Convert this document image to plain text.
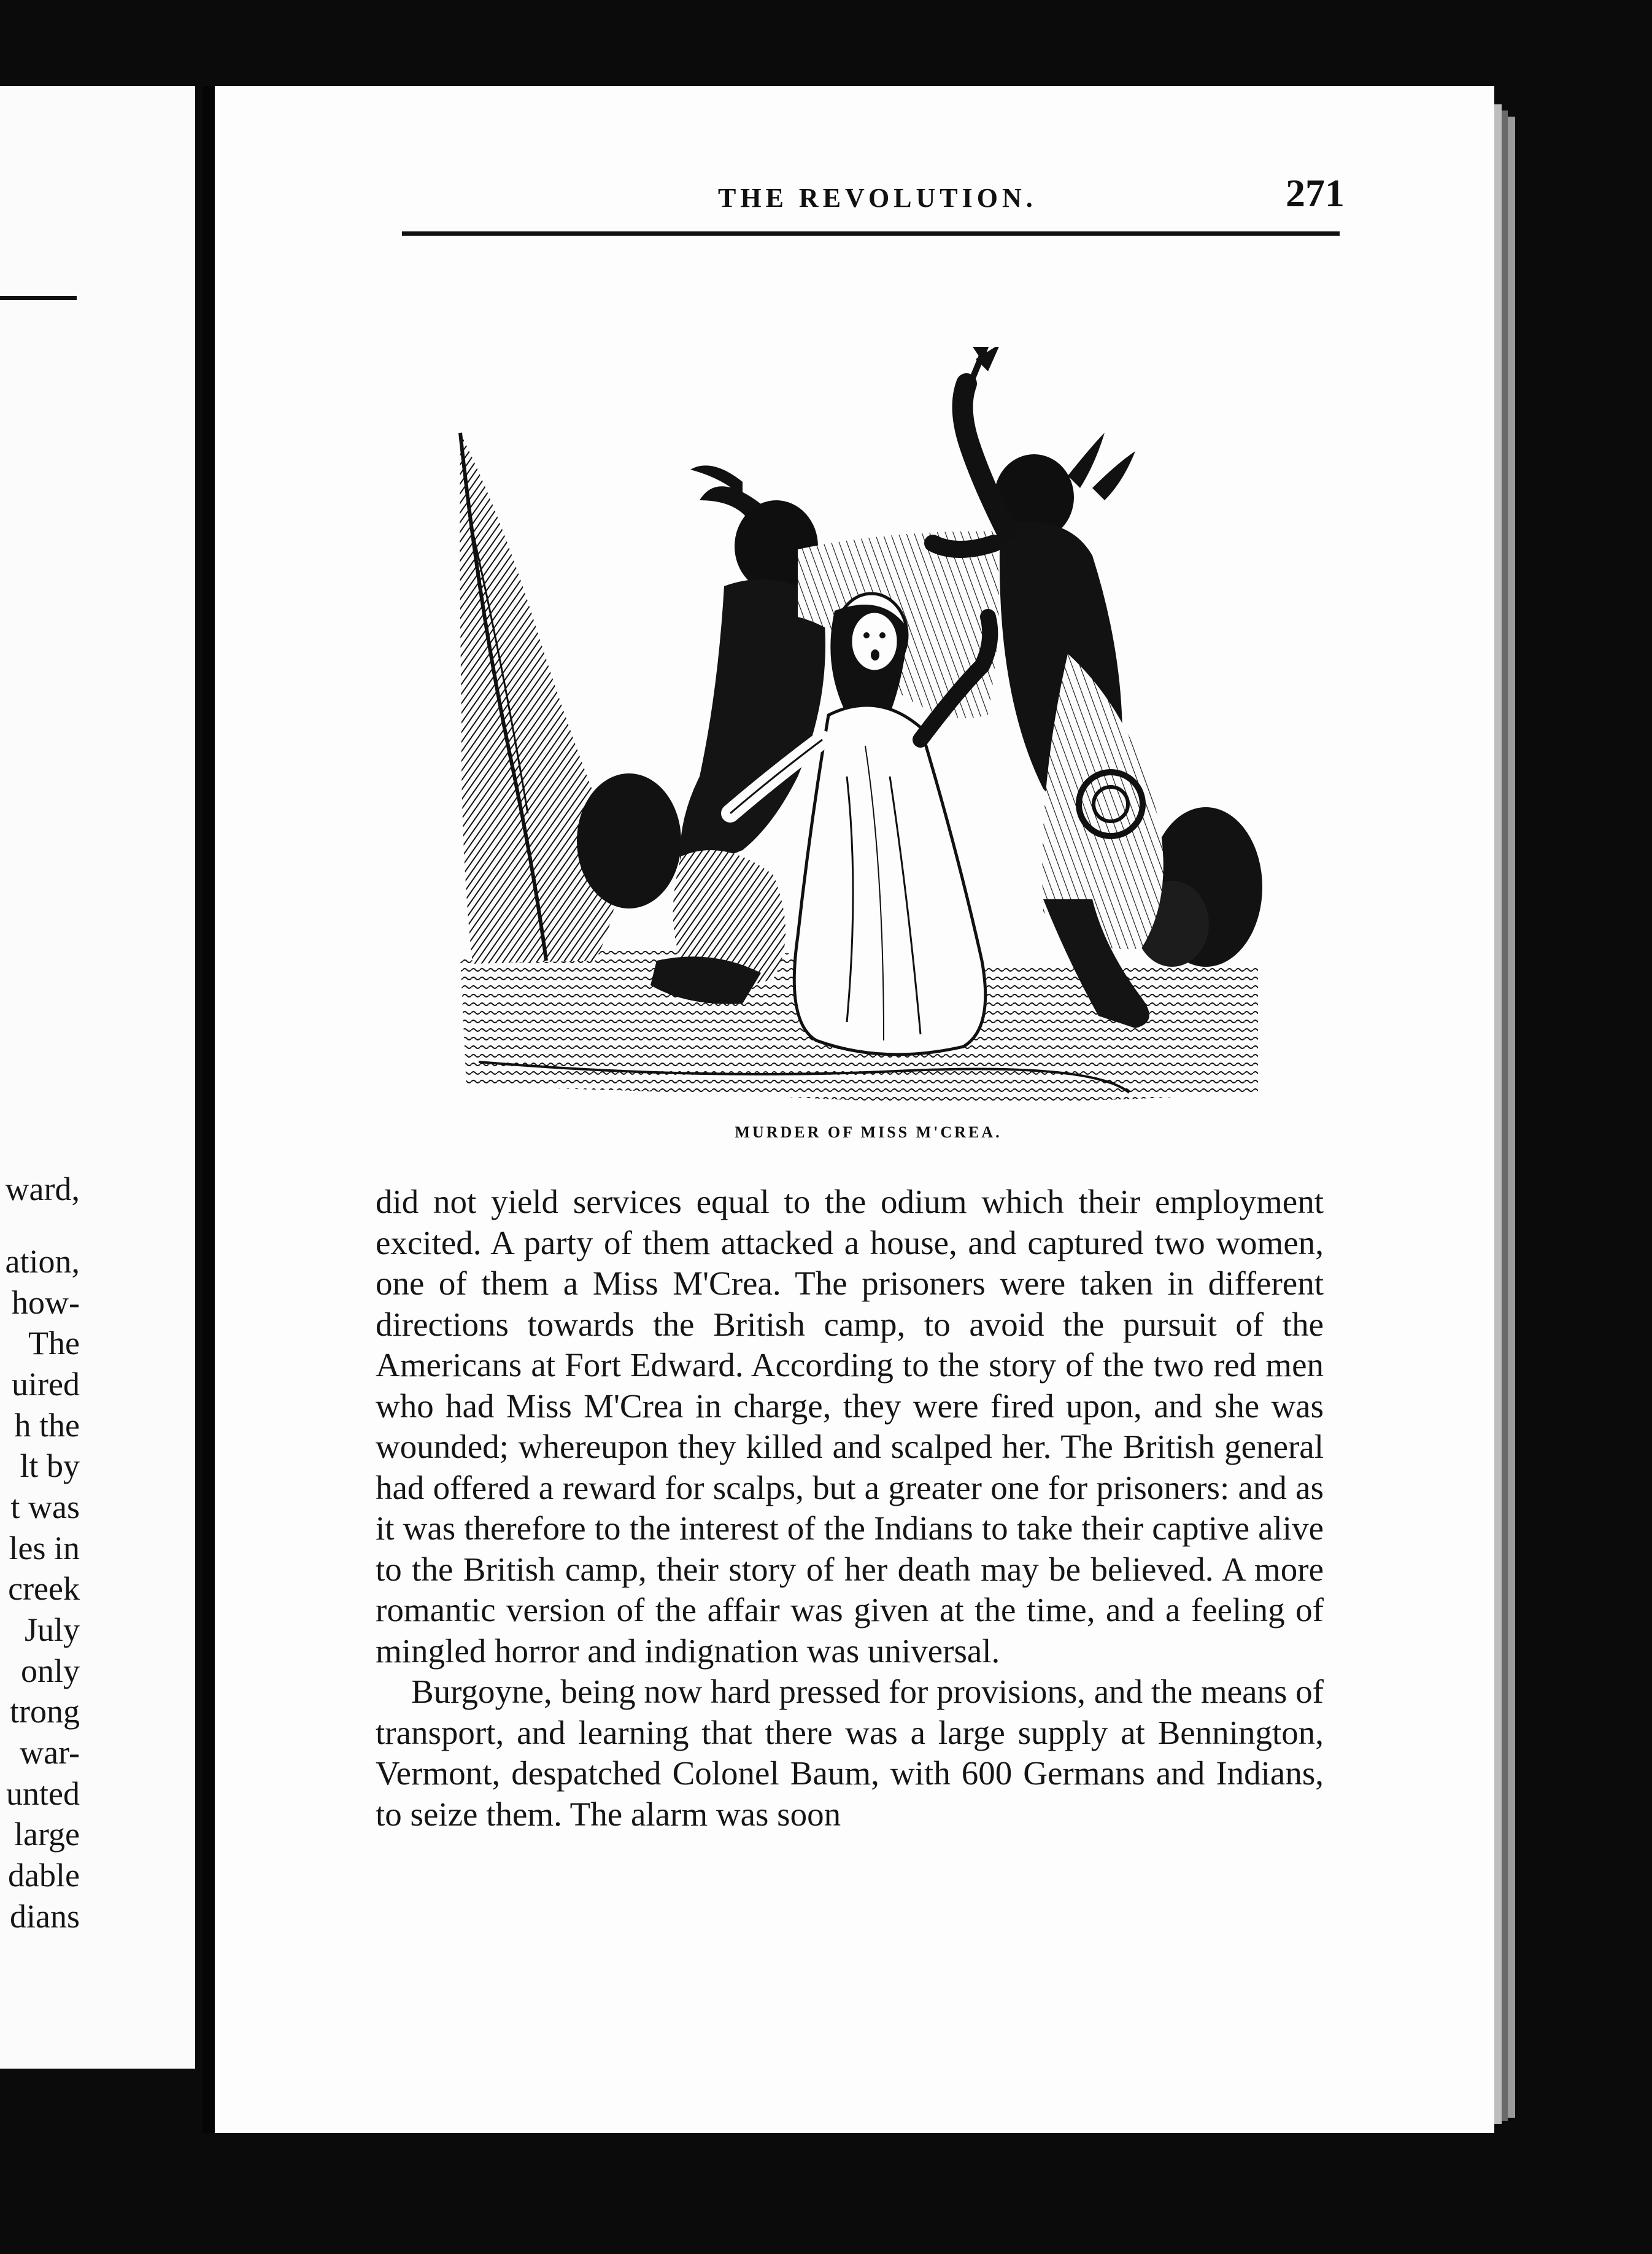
ward,
ation,
how-
The
uired
h the
lt by
t was
les in
creek
July
only
trong
war-
unted
large
dable
dians
THE REVOLUTION.	271
MURDER OF MISS M'CREA.

did not yield services equal to the odium which their employment excited. A party of them attacked a house, and captured two women, one of them a Miss M'Crea. The prisoners were taken in different directions towards the British camp, to avoid the pursuit of the Americans at Fort Edward. According to the story of the two red men who had Miss M'Crea in charge, they were fired upon, and she was wounded; whereupon they killed and scalped her. The British general had offered a reward for scalps, but a greater one for prisoners: and as it was therefore to the interest of the Indians to take their captive alive to the British camp, their story of her death may be believed. A more romantic version of the affair was given at the time, and a feeling of mingled horror and indignation was universal.

Burgoyne, being now hard pressed for provisions, and the means of transport, and learning that there was a large supply at Bennington, Vermont, despatched Colonel Baum, with 600 Germans and Indians, to seize them. The alarm was soon
